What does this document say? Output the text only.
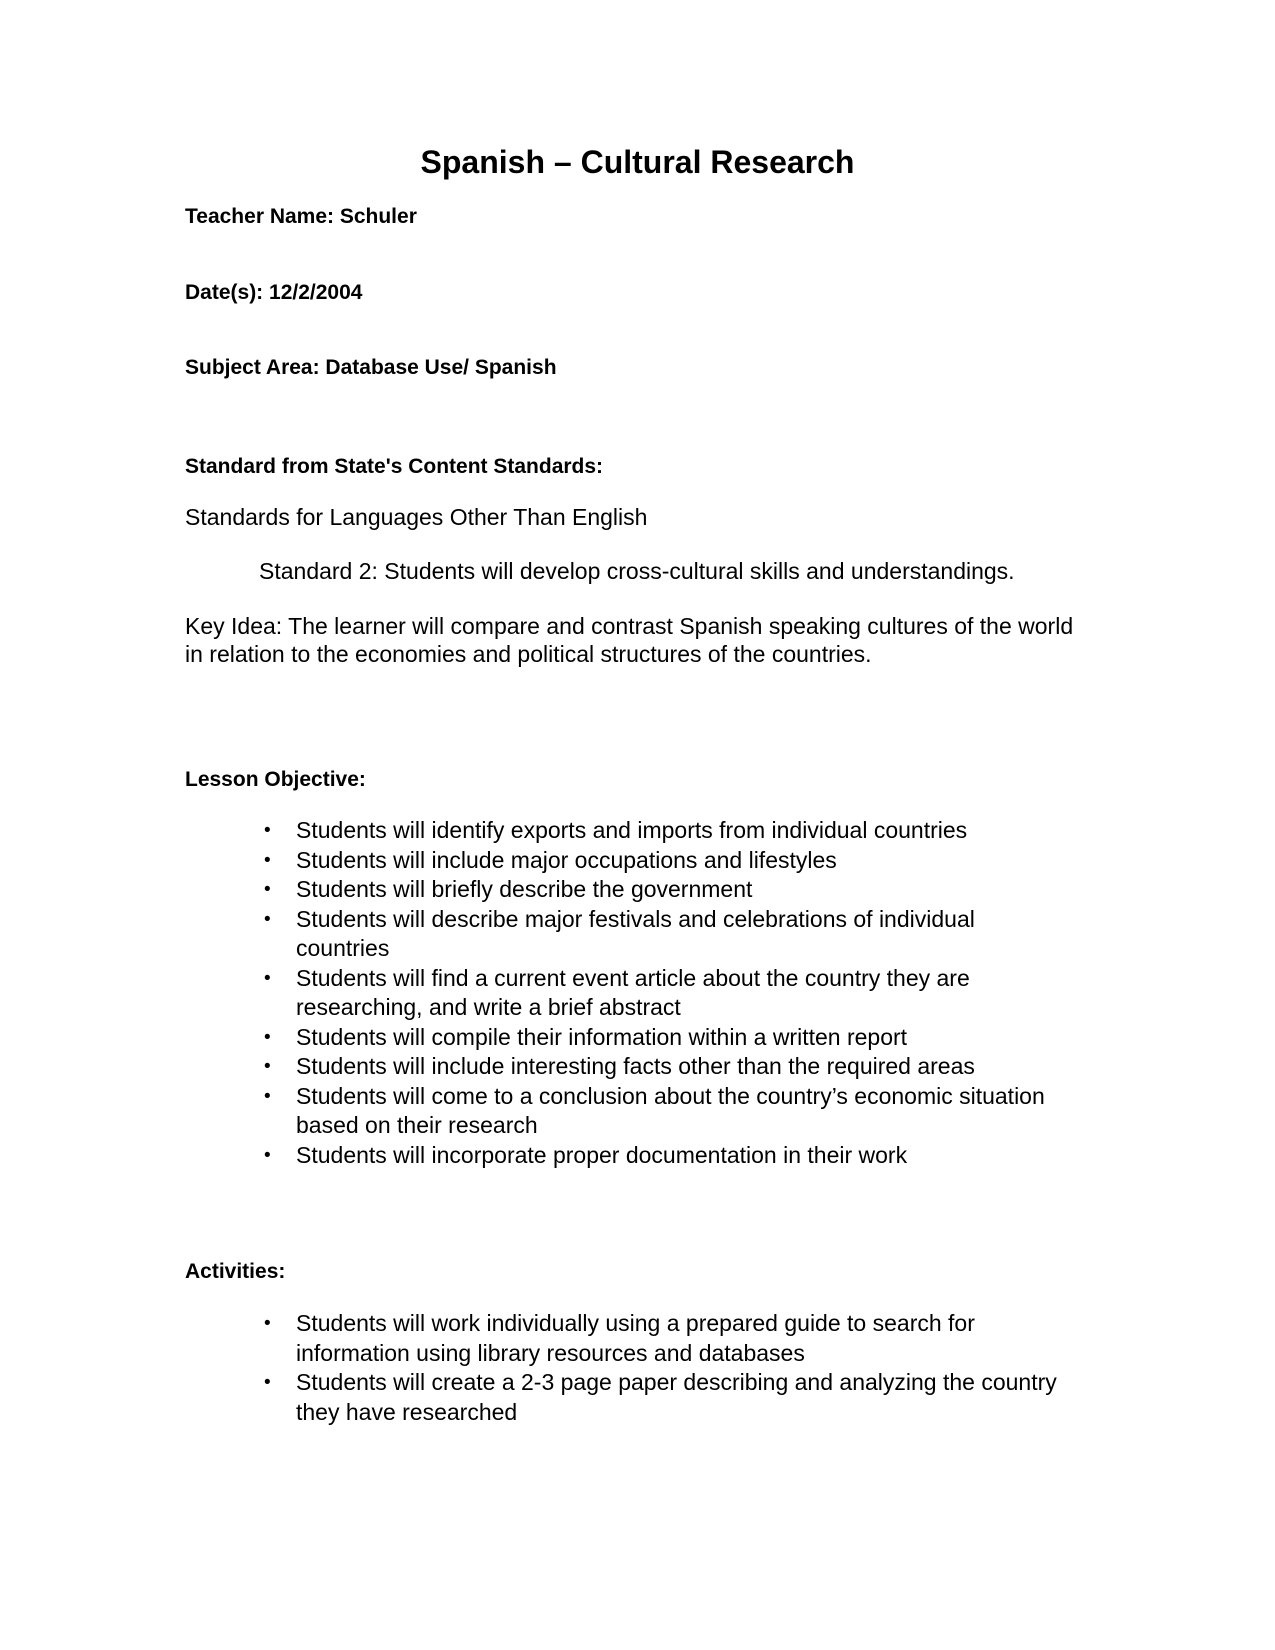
Spanish – Cultural Research

Teacher Name: Schuler

Date(s): 12/2/2004

Subject Area: Database Use/ Spanish

Standard from State's Content Standards:

Standards for Languages Other Than English

Standard 2: Students will develop cross-cultural skills and understandings.

Key Idea: The learner will compare and contrast Spanish speaking cultures of the world in relation to the economies and political structures of the countries.

Lesson Objective:

• Students will identify exports and imports from individual countries
• Students will include major occupations and lifestyles
• Students will briefly describe the government
• Students will describe major festivals and celebrations of individual countries
• Students will find a current event article about the country they are researching, and write a brief abstract
• Students will compile their information within a written report
• Students will include interesting facts other than the required areas
• Students will come to a conclusion about the country’s economic situation based on their research
• Students will incorporate proper documentation in their work

Activities:

• Students will work individually using a prepared guide to search for information using library resources and databases
• Students will create a 2-3 page paper describing and analyzing the country they have researched
